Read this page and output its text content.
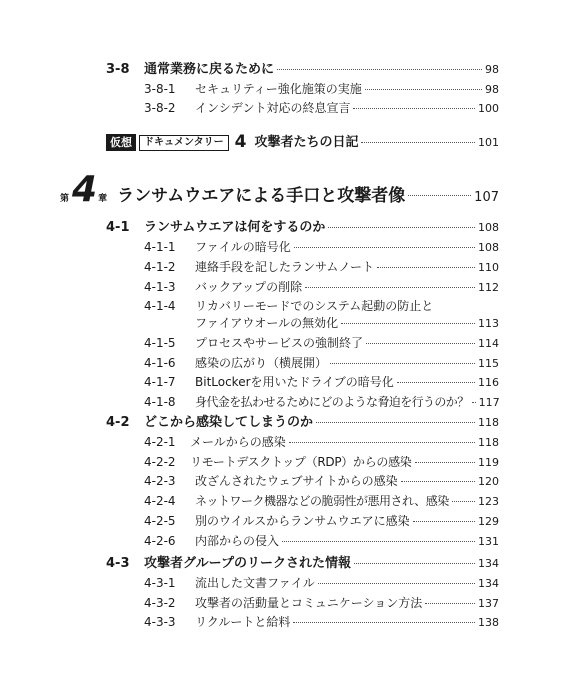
3-8	通常業務に戻るために	98
3-8-1	セキュリティー強化施策の実施	98
3-8-2	インシデント対応の終息宣言	100
仮想	ドキュメンタリー 4 攻撃者たちの日記	101
第 4 章 ランサムウエアによる手口と攻撃者像	107
4-1	ランサムウエアは何をするのか	108
4-1-1	ファイルの暗号化	108
4-1-2	連絡手段を記したランサムノート	110
4-1-3	バックアップの削除	112
4-1-4	リカバリーモードでのシステム起動の防止と
ファイアウオールの無効化	113
4-1-5	プロセスやサービスの強制終了	114
4-1-6	感染の広がり（横展開）	115
4-1-7	BitLockerを用いたドライブの暗号化	116
4-1-8	身代金を払わせるためにどのような脅迫を行うのか？ 117
4-2	どこから感染してしまうのか	118
4-2-1	メールからの感染	118
4-2-2	リモートデスクトップ（RDP）からの感染	119
4-2-3	改ざんされたウェブサイトからの感染	120
4-2-4	ネットワーク機器などの脆弱性が悪用され、感染	123
4-2-5	別のウイルスからランサムウエアに感染	129
4-2-6	内部からの侵入	131
4-3	攻撃者グループのリークされた情報	134
4-3-1	流出した文書ファイル	134
4-3-2	攻撃者の活動量とコミュニケーション方法	137
4-3-3	リクルートと給料	138
